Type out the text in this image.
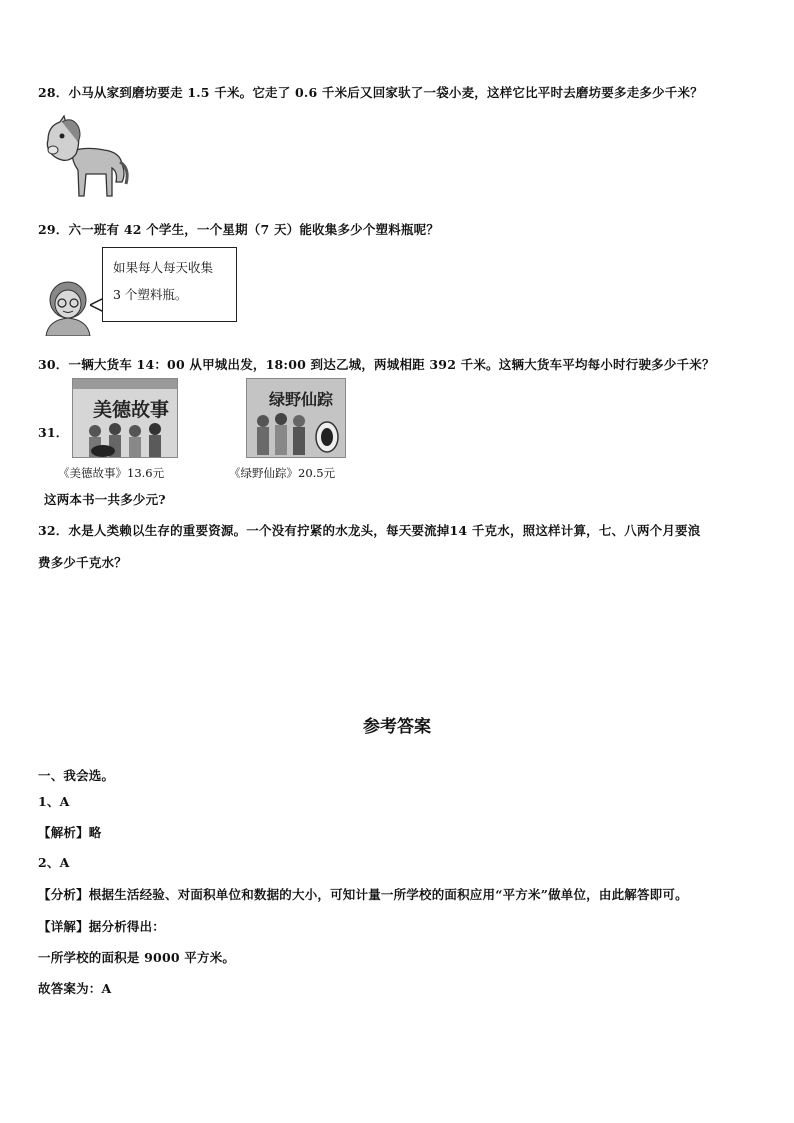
28．小马从家到磨坊要走 1.5 千米。它走了 0.6 千米后又回家驮了一袋小麦，这样它比平时去磨坊要多走多少千米？
29．六一班有 42 个学生，一个星期（7 天）能收集多少个塑料瓶呢？
如果每人每天收集
3 个塑料瓶。
30．一辆大货车 14：00 从甲城出发，18:00 到达乙城，两城相距 392 千米。这辆大货车平均每小时行驶多少千米？
31．
美德故事
《美德故事》13.6元
绿野仙踪
《绿野仙踪》20.5元
这两本书一共多少元?
32．水是人类赖以生存的重要资源。一个没有拧紧的水龙头，每天要流掉14 千克水，照这样计算，七、八两个月要浪
费多少千克水？
参考答案
一、我会选。
1、A
【解析】略
2、A
【分析】根据生活经验、对面积单位和数据的大小，可知计量一所学校的面积应用“平方米”做单位，由此解答即可。
【详解】据分析得出：
一所学校的面积是 9000 平方米。
故答案为：A
